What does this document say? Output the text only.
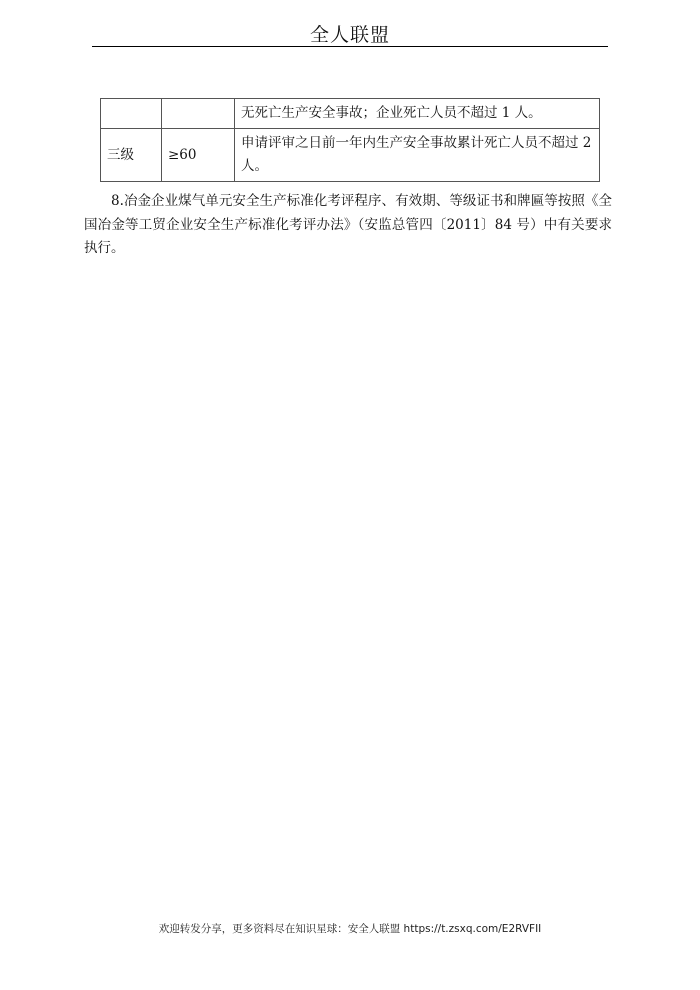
全人联盟
		无死亡生产安全事故；企业死亡人员不超过 1 人。
三级	≥60	申请评审之日前一年内生产安全事故累计死亡人员不超过 2 人。
8.冶金企业煤气单元安全生产标准化考评程序、有效期、等级证书和牌匾等按照《全国冶金等工贸企业安全生产标准化考评办法》（安监总管四〔2011〕84 号）中有关要求执行。
欢迎转发分享，更多资料尽在知识星球：安全人联盟 https://t.zsxq.com/E2RVFII
